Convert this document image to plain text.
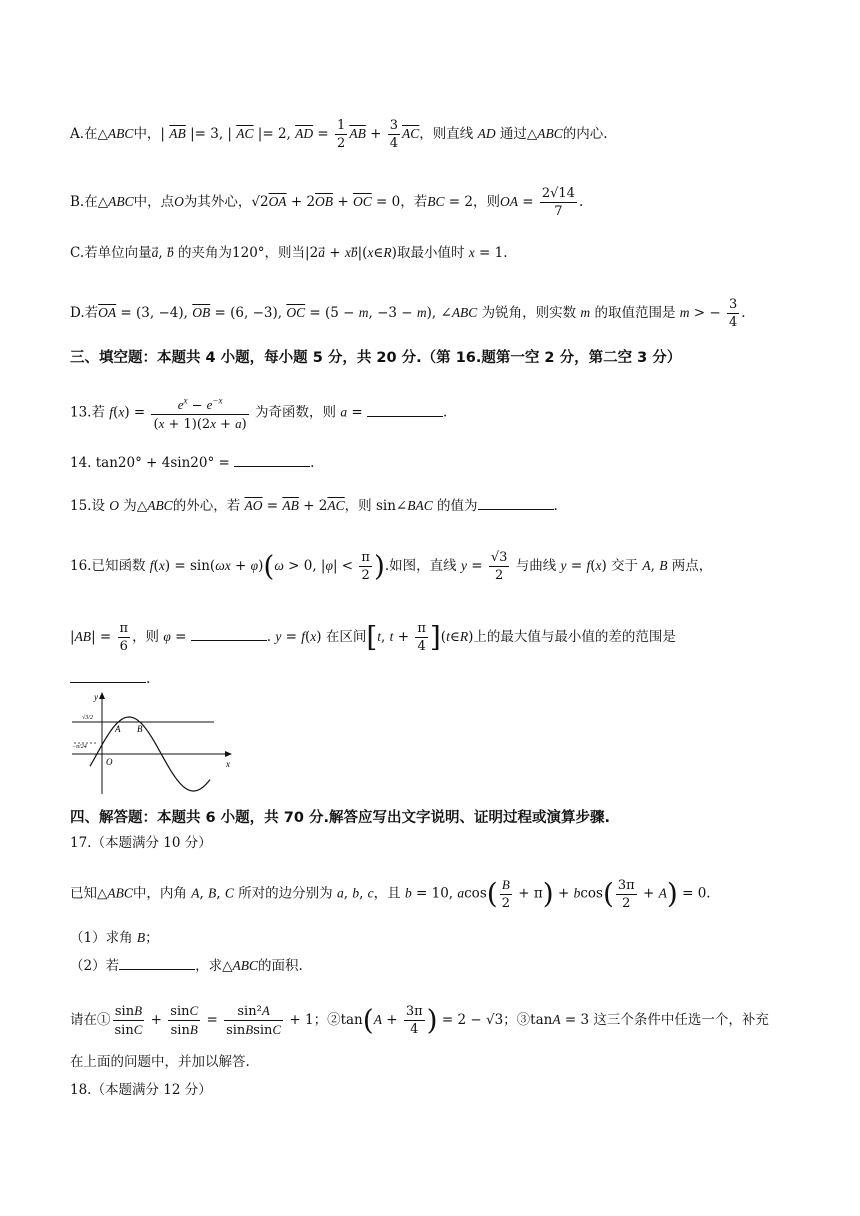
A.在△ABC中，| $\overline{AB}$ |= 3, | $\overline{AC}$ |= 2, $\overline{AD} = \frac{1}{2} \overline{AB} + \frac{3}{4} \overline{AC}$，则直线 AD 通过△ABC的内心.
B.在△ABC中，点O为其外心，$√2\overline{OA} + 2\overline{OB} + \overline{OC} = 0$，若BC = 2，则OA = $\frac{2√14}{7}$ .
C.若单位向量a⃗, b⃗ 的夹角为120°，则当|2a⃗ + xb⃗|(x∈R)取最小值时 x = 1.
D.若$\overline{OA} = (3$, −4), $\overline{OB} = (6$, −3), $\overline{OC} = (5 - m$, −3 − m), ∠ABC 为锐角，则实数 m 的取值范围是 m > − $\frac{3}{4}$ .
三、填空题：本题共 4 小题，每小题 5 分，共 20 分.（第 16.题第一空 2 分，第二空 3 分）
13.若 $f(x) = \frac{e^x - e^{-x}}{(x + 1)(2x + a)}$ 为奇函数，则 a =	.
14. tan20° + 4sin20° =	.
15.设 O 为△ABC的外心，若 $\overline{AO} = \overline{AB} + 2\overline{AC}$，则 sin∠BAC 的值为	.
16.已知函数 f(x) = sin(ωx + φ)(ω > 0, $|\varphi| < \frac{\pi}{2}$ ).如图，直线 $y = \frac{√3}{2}$ 与曲线 y = f(x) 交于 A, B 两点，
$|AB| = \frac{\pi}{6}$ ，则 φ =	. y = f(x) 在区间[t, $t + \frac{\pi}{4}$ ](t∈R)上的最大值与最小值的差的范围是
.
y
x
O
A B
√3/2
−π/24
四、解答题：本题共 6 小题，共 70 分.解答应写出文字说明、证明过程或演算步骤.
17.（本题满分 10 分）
已知△ABC中，内角 A, B, C 所对的边分别为 a, b, c，且 b = 10, $acos( \frac{B}{2} + \pi) + bcos( \frac{3\pi}{2} + A) = 0$.
（1）求角 B；
（2）若	，求△ABC的面积.
请在① $\frac{\sin B}{\sin C} + \frac{\sin C}{\sin B} = \frac{\text{sin²A}}{\text{sinBsinC}} + 1$；②tan(A + $\frac{3\pi}{4}$ ) = 2 − √3；③tanA = 3 这三个条件中任选一个，补充
在上面的问题中，并加以解答.
18.（本题满分 12 分）
